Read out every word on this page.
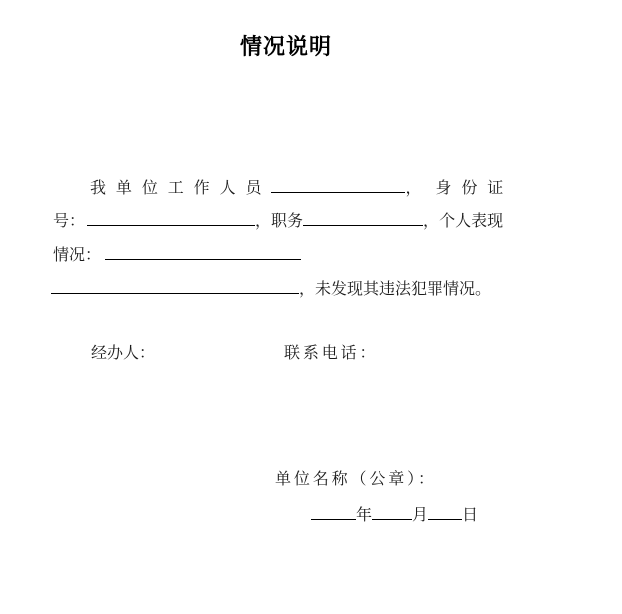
情况说明
我单位工作人员	， 身份证
号：	，职务	，个人表现
情况：
，未发现其违法犯罪情况。
经办人：	联系电话：
单位名称（公章）：
年	月 日
